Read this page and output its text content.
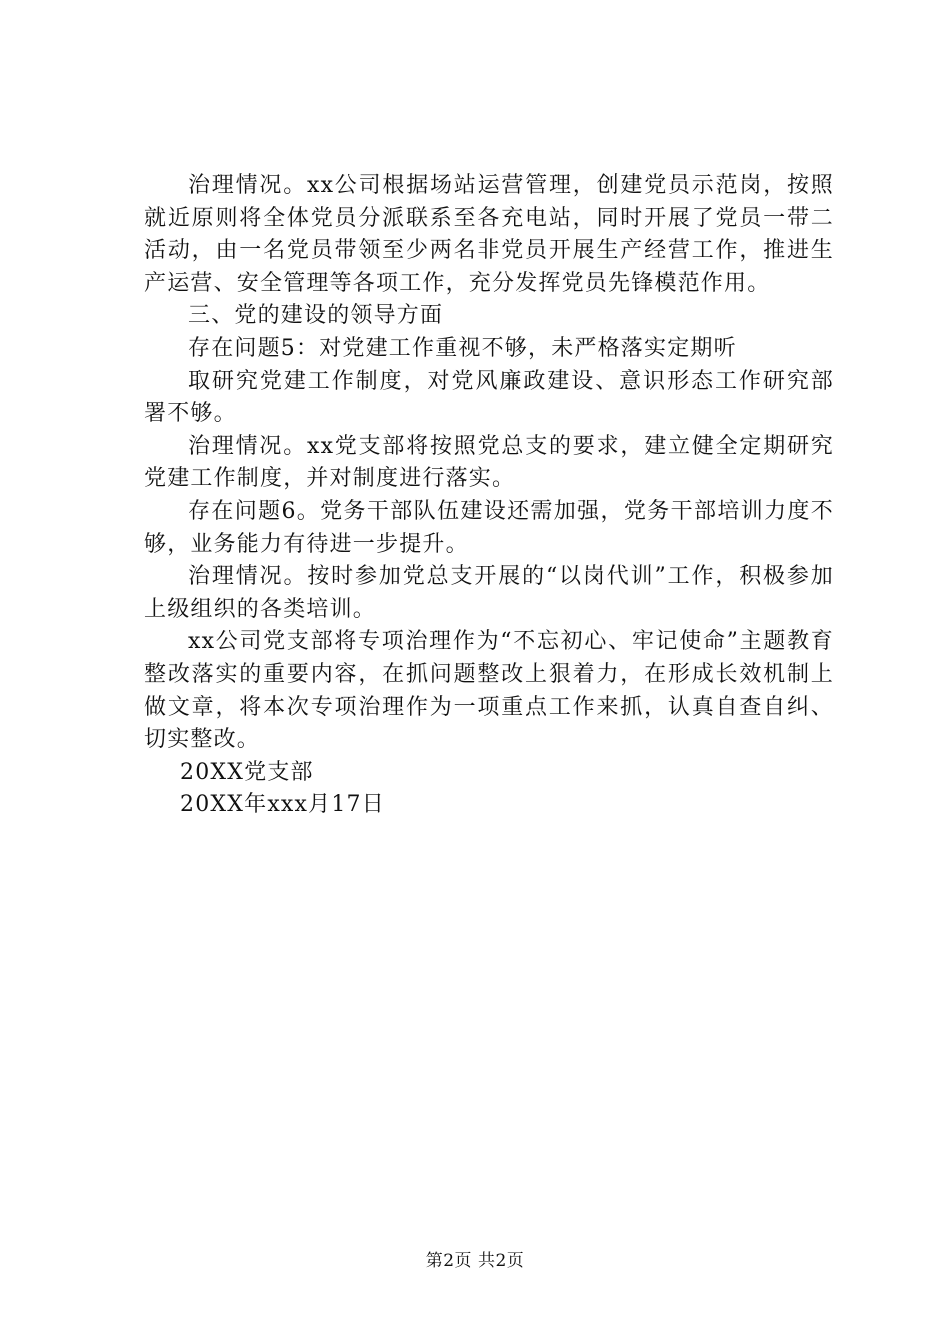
治理情况。xx公司根据场站运营管理，创建党员示范岗，按照就近原则将全体党员分派联系至各充电站，同时开展了党员一带二活动，由一名党员带领至少两名非党员开展生产经营工作，推进生产运营、安全管理等各项工作，充分发挥党员先锋模范作用。

三、党的建设的领导方面

存在问题5：对党建工作重视不够，未严格落实定期听

取研究党建工作制度，对党风廉政建设、意识形态工作研究部署不够。

治理情况。xx党支部将按照党总支的要求，建立健全定期研究党建工作制度，并对制度进行落实。

存在问题6。党务干部队伍建设还需加强，党务干部培训力度不够，业务能力有待进一步提升。

治理情况。按时参加党总支开展的“以岗代训”工作，积极参加上级组织的各类培训。

xx公司党支部将专项治理作为“不忘初心、牢记使命”主题教育整改落实的重要内容，在抓问题整改上狠着力，在形成长效机制上做文章，将本次专项治理作为一项重点工作来抓，认真自查自纠、切实整改。

20XX党支部

20XX年xxx月17日

第2页 共2页
